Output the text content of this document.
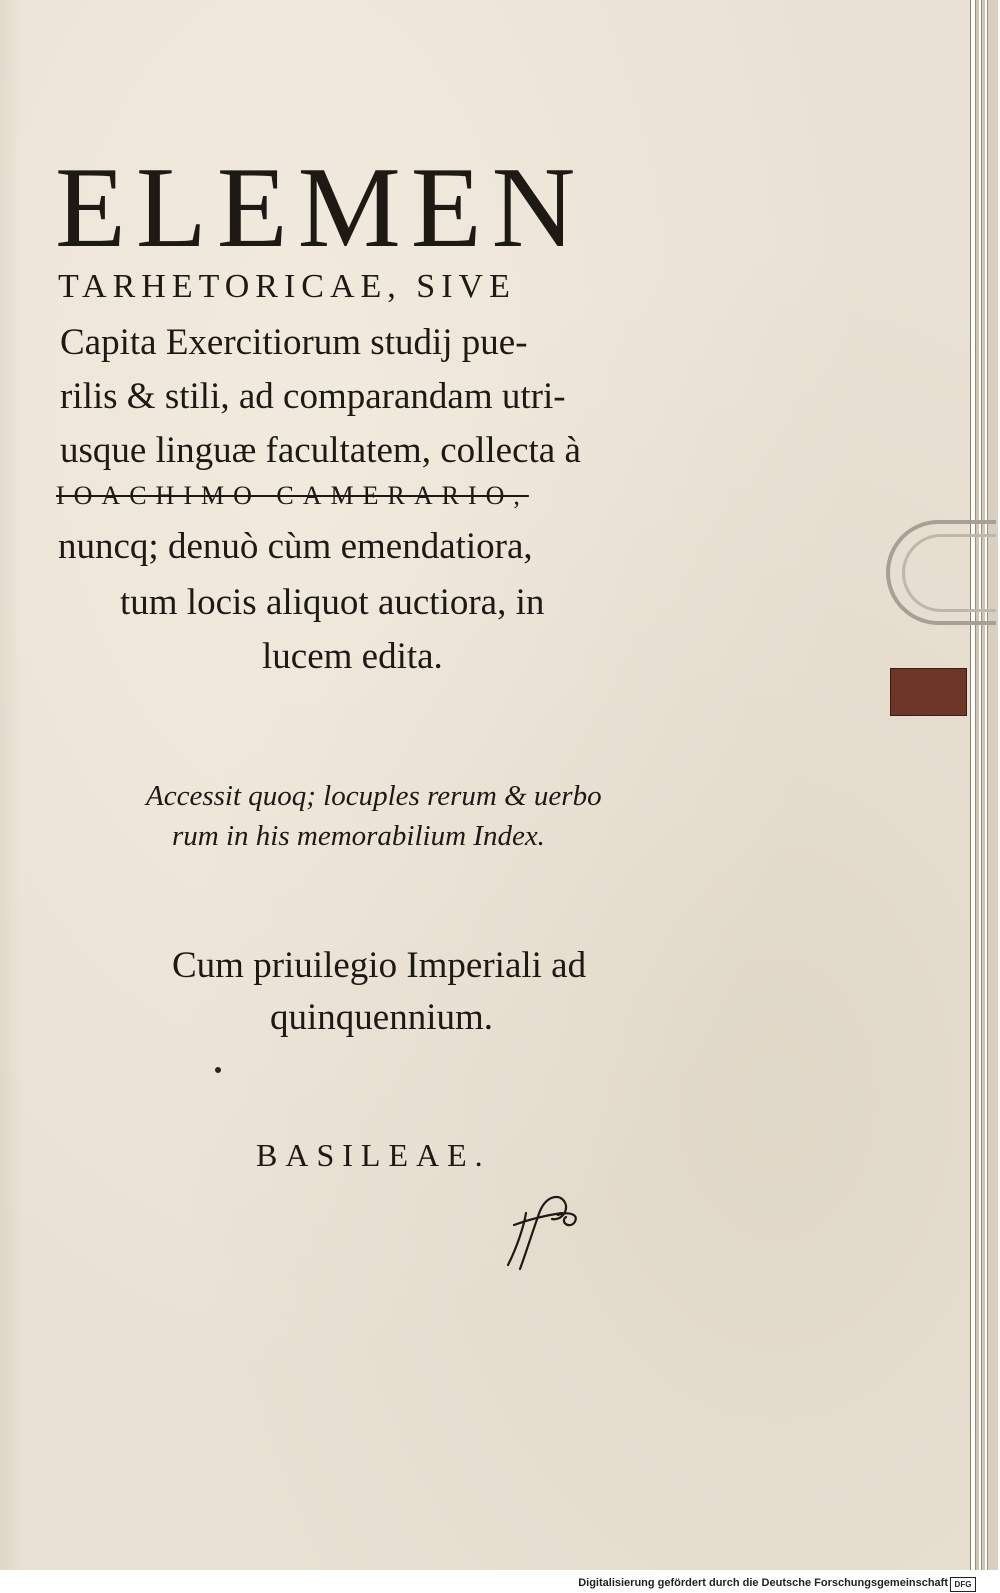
ELEMEN
TARHETORICAE, SIVE
Capita Exercitiorum studij pue-
rilis & stili, ad comparandam utri-
usque linguæ facultatem, collecta à
IOACHIMO CAMERARIO,
nuncq; denuò cùm emendatiora,
tum locis aliquot auctiora, in
lucem edita.
Accessit quoq; locuples rerum & uerbo
rum in his memorabilium Index.
Cum priuilegio Imperiali ad
quinquennium.
BASILEAE.
Digitalisierung gefördert durch die Deutsche Forschungsgemeinschaft DFG
